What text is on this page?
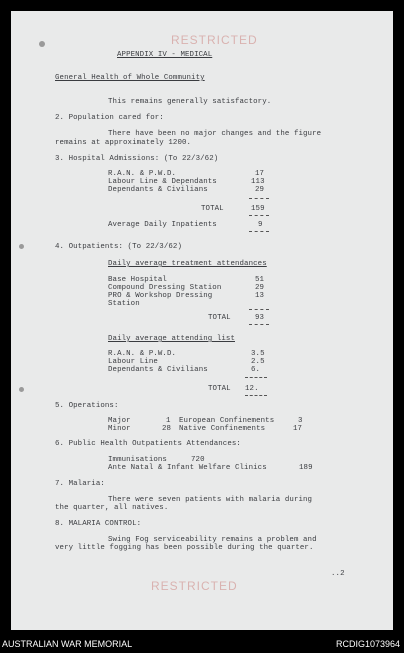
RESTRICTED
APPENDIX IV - MEDICAL
General Health of Whole Community
This remains generally satisfactory.
2. Population cared for:
There have been no major changes and the figure
remains at approximately 1200.
3. Hospital Admissions: (To 22/3/62)
R.A.N. & P.W.D.	17
Labour Line & Dependants	113
Dependants & Civilians	29
TOTAL	159
Average Daily Inpatients	9
4. Outpatients: (To 22/3/62)
Daily average treatment attendances
Base Hospital	51
Compound Dressing Station	29
PRO & Workshop Dressing	13
Station
TOTAL	93
Daily average attending list
R.A.N. & P.W.D.	3.5
Labour Line	2.5
Dependants & Civilians	6.
TOTAL 12.
5. Operations:
Major	1 European Confinements	3
Minor	28 Native Confinements	17
6. Public Health Outpatients Attendances:
Immunisations	720
Ante Natal & Infant Welfare Clinics	189
7. Malaria:
There were seven patients with malaria during
the quarter, all natives.
8. MALARIA CONTROL:
Swing Fog serviceability remains a problem and
very little fogging has been possible during the quarter.
..2
RESTRICTED
AUSTRALIAN WAR MEMORIAL	RCDIG1073964
